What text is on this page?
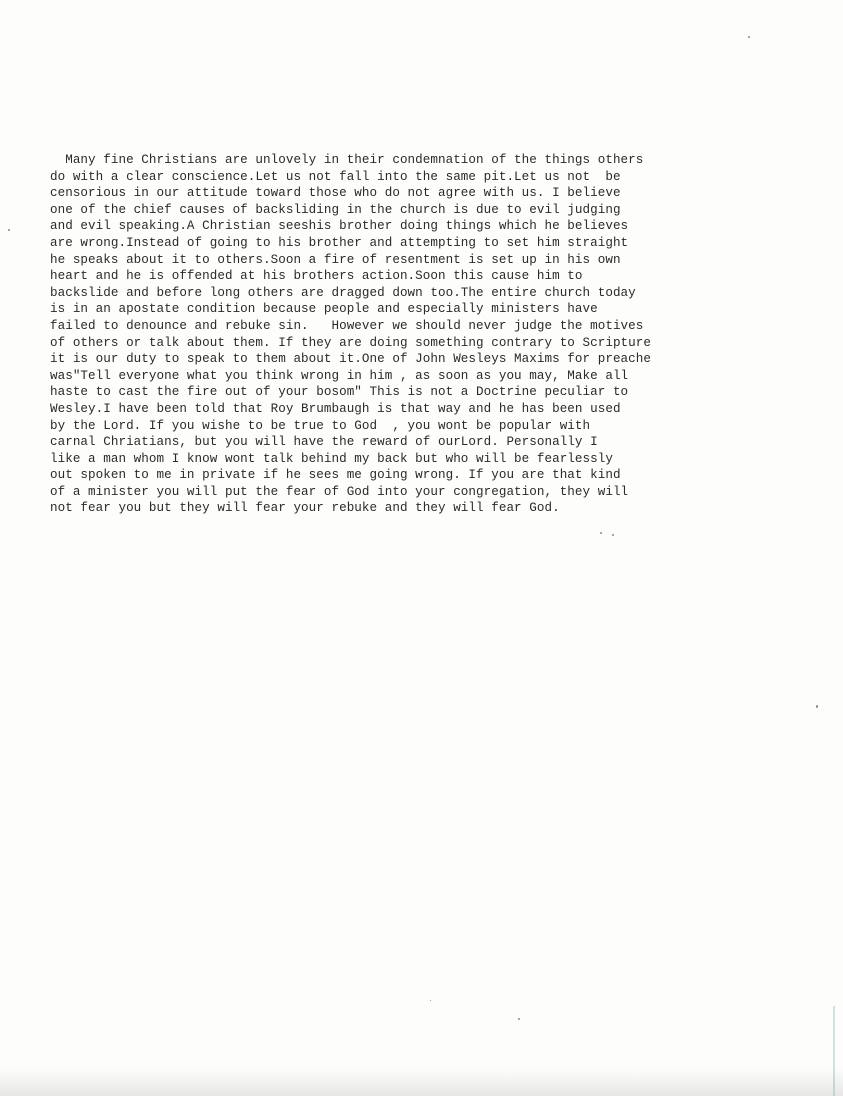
Many fine Christians are unlovely in their condemnation of the things others
do with a clear conscience.Let us not fall into the same pit.Let us not  be
censorious in our attitude toward those who do not agree with us. I believe
one of the chief causes of backsliding in the church is due to evil judging
and evil speaking.A Christian seeshis brother doing things which he believes
are wrong.Instead of going to his brother and attempting to set him straight
he speaks about it to others.Soon a fire of resentment is set up in his own
heart and he is offended at his brothers action.Soon this cause him to
backslide and before long others are dragged down too.The entire church today
is in an apostate condition because people and especially ministers have
failed to denounce and rebuke sin.   However we should never judge the motives
of others or talk about them. If they are doing something contrary to Scripture
it is our duty to speak to them about it.One of John Wesleys Maxims for preache
was"Tell everyone what you think wrong in him , as soon as you may, Make all
haste to cast the fire out of your bosom" This is not a Doctrine peculiar to
Wesley.I have been told that Roy Brumbaugh is that way and he has been used
by the Lord. If you wishe to be true to God  , you wont be popular with
carnal Chriatians, but you will have the reward of ourLord. Personally I
like a man whom I know wont talk behind my back but who will be fearlessly
out spoken to me in private if he sees me going wrong. If you are that kind
of a minister you will put the fear of God into your congregation, they will
not fear you but they will fear your rebuke and they will fear God.
